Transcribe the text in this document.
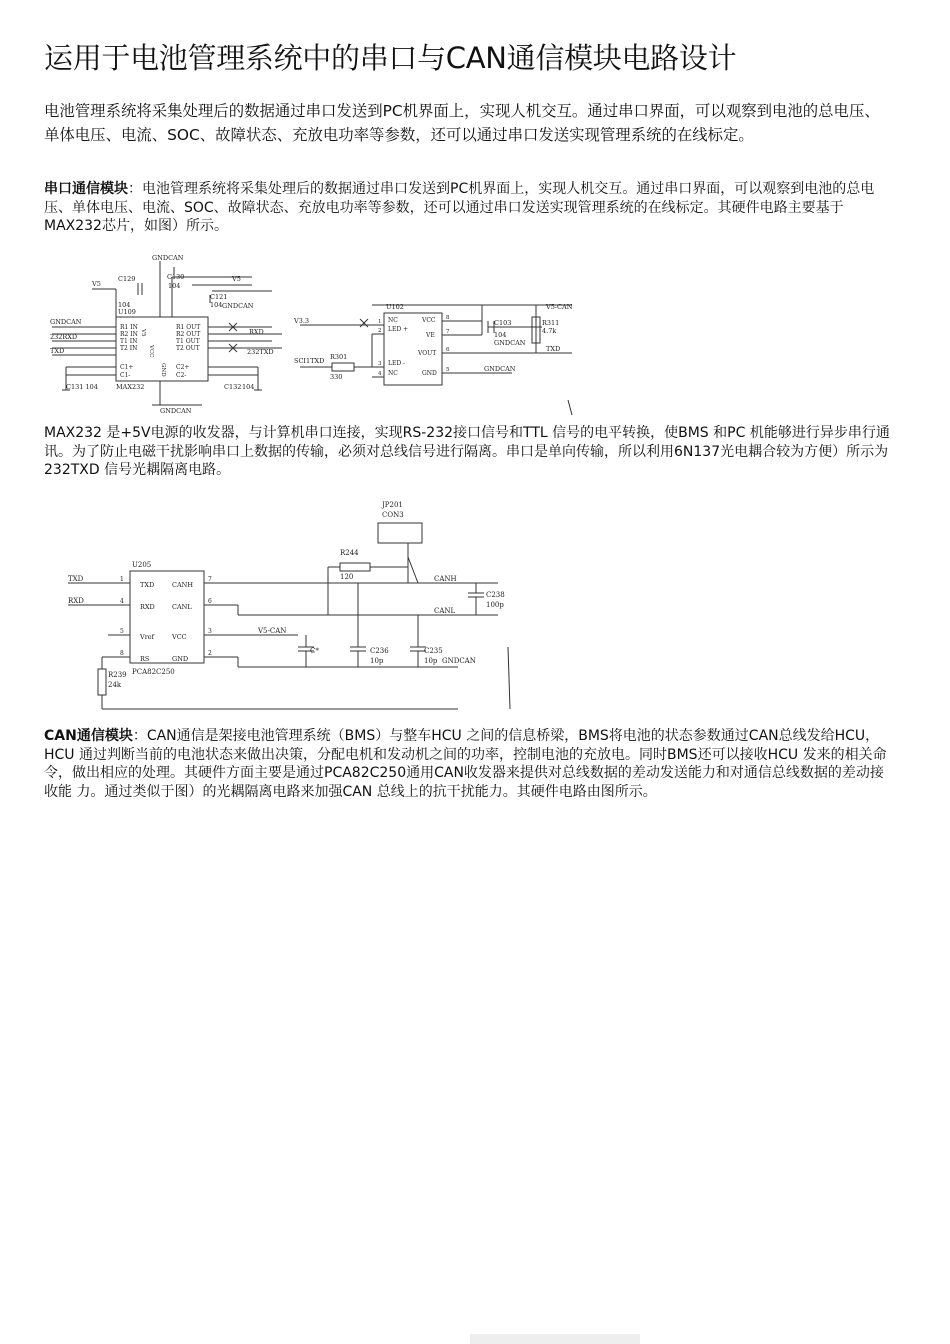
运用于电池管理系统中的串口与CAN通信模块电路设计

电池管理系统将采集处理后的数据通过串口发送到PC机界面上，实现人机交互。通过串口界面，可以观察到电池的总电压、单体电压、电流、SOC、故障状态、充放电功率等参数，还可以通过串口发送实现管理系统的在线标定。

串口通信模块：电池管理系统将采集处理后的数据通过串口发送到PC机界面上，实现人机交互。通过串口界面，可以观察到电池的总电压、单体电压、电流、SOC、故障状态、充放电功率等参数，还可以通过串口发送实现管理系统的在线标定。其硬件电路主要基于MAX232芯片，如图）所示。

GNDCAN
C129	C130
V5
V5
104
104
C121
104 GNDCAN
U109
GNDCAN
232RXD
TXD
RXD
232TXD
C131 104	C132 104
MAX232
GNDCAN
VCC
GND
V5
R1 IN
R2 IN
T1 IN
T2 IN
C1+
C1-
R1 OUT
R2 OUT
T1 OUT
T2 OUT
C2+
C2-
U102	V5-CAN
V3.3	C103
104
R311
4.7k
GNDCAN
R301
330
SCI1TXD
TXD
GNDCAN
NC
LED +
LED -
NC
VCC
VE
VOUT
GND
1
2
3
4
8
7
6
5

MAX232 是+5V电源的收发器，与计算机串口连接，实现RS-232接口信号和TTL 信号的电平转换，使BMS 和PC 机能够进行异步串行通讯。为了防止电磁干扰影响串口上数据的传输，必须对总线信号进行隔离。串口是单向传输，所以利用6N137光电耦合较为方便）所示为232TXD 信号光耦隔离电路。

JP201
CON3
R244
120
U205
TXD
RXD
CANH
CANL
C238
100p
V5-CAN
C*	C236
10p
C235
10p GNDCAN
R239
24k
PCA82C250
TXD
RXD
Vref
RS
CANH
CANL
VCC
GND
1
4
5
8
7
6
3
2

CAN通信模块：CAN通信是架接电池管理系统（BMS）与整车HCU 之间的信息桥梁，BMS将电池的状态参数通过CAN总线发给HCU，HCU 通过判断当前的电池状态来做出决策，分配电机和发动机之间的功率，控制电池的充放电。同时BMS还可以接收HCU 发来的相关命令，做出相应的处理。其硬件方面主要是通过PCA82C250通用CAN收发器来提供对总线数据的差动发送能力和对通信总线数据的差动接收能 力。通过类似于图）的光耦隔离电路来加强CAN 总线上的抗干扰能力。其硬件电路由图所示。
